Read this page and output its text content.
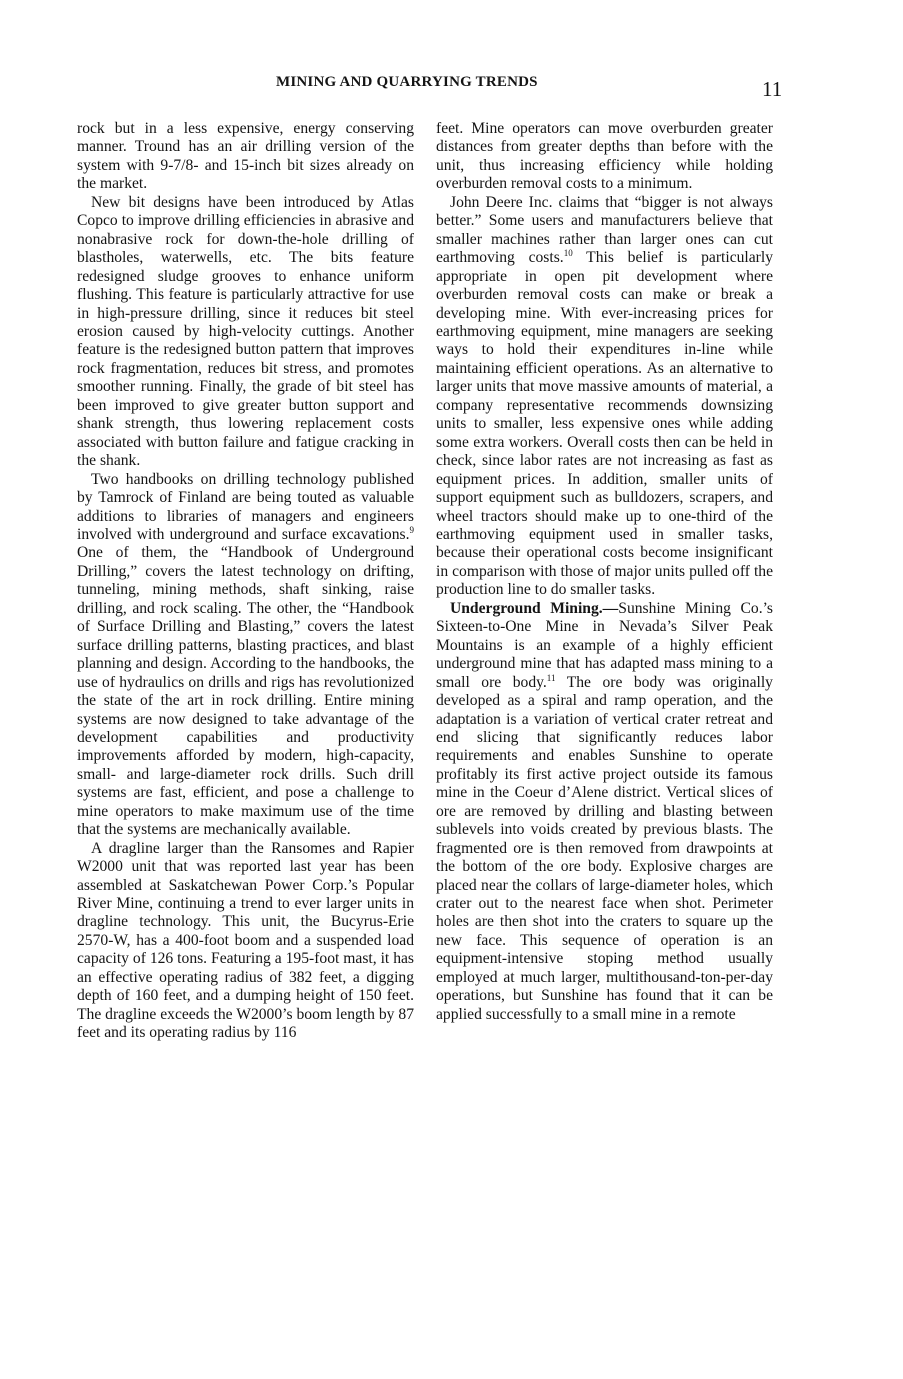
MINING AND QUARRYING TRENDS	11

rock but in a less expensive, energy conserving manner. Tround has an air drilling version of the system with 9-7/8- and 15-inch bit sizes already on the market.

New bit designs have been introduced by Atlas Copco to improve drilling efficiencies in abrasive and nonabrasive rock for down-the-hole drilling of blastholes, waterwells, etc. The bits feature redesigned sludge grooves to enhance uniform flushing. This feature is particularly attractive for use in high-pressure drilling, since it reduces bit steel erosion caused by high-velocity cuttings. Another feature is the redesigned button pattern that improves rock fragmentation, reduces bit stress, and promotes smoother running. Finally, the grade of bit steel has been improved to give greater button support and shank strength, thus lowering replacement costs associated with button failure and fatigue cracking in the shank.

Two handbooks on drilling technology published by Tamrock of Finland are being touted as valuable additions to libraries of managers and engineers involved with underground and surface excavations.$^9$ One of them, the “Handbook of Underground Drilling,” covers the latest technology on drifting, tunneling, mining methods, shaft sinking, raise drilling, and rock scaling. The other, the “Handbook of Surface Drilling and Blasting,” covers the latest surface drilling patterns, blasting practices, and blast planning and design. According to the handbooks, the use of hydraulics on drills and rigs has revolutionized the state of the art in rock drilling. Entire mining systems are now designed to take advantage of the development capabilities and productivity improvements afforded by modern, high-capacity, small- and large-diameter rock drills. Such drill systems are fast, efficient, and pose a challenge to mine operators to make maximum use of the time that the systems are mechanically available.

A dragline larger than the Ransomes and Rapier W2000 unit that was reported last year has been assembled at Saskatchewan Power Corp.’s Popular River Mine, continuing a trend to ever larger units in dragline technology. This unit, the Bucyrus-Erie 2570-W, has a 400-foot boom and a suspended load capacity of 126 tons. Featuring a 195-foot mast, it has an effective operating radius of 382 feet, a digging depth of 160 feet, and a dumping height of 150 feet. The dragline exceeds the W2000’s boom length by 87 feet and its operating radius by 116

feet. Mine operators can move overburden greater distances from greater depths than before with the unit, thus increasing efficiency while holding overburden removal costs to a minimum.

John Deere Inc. claims that “bigger is not always better.” Some users and manufacturers believe that smaller machines rather than larger ones can cut earthmoving costs.$^{10}$ This belief is particularly appropriate in open pit development where overburden removal costs can make or break a developing mine. With ever-increasing prices for earthmoving equipment, mine managers are seeking ways to hold their expenditures in-line while maintaining efficient operations. As an alternative to larger units that move massive amounts of material, a company representative recommends downsizing units to smaller, less expensive ones while adding some extra workers. Overall costs then can be held in check, since labor rates are not increasing as fast as equipment prices. In addition, smaller units of support equipment such as bulldozers, scrapers, and wheel tractors should make up to one-third of the earthmoving equipment used in smaller tasks, because their operational costs become insignificant in comparison with those of major units pulled off the production line to do smaller tasks.

Underground Mining.—Sunshine Mining Co.’s Sixteen-to-One Mine in Nevada’s Silver Peak Mountains is an example of a highly efficient underground mine that has adapted mass mining to a small ore body.$^{11}$ The ore body was originally developed as a spiral and ramp operation, and the adaptation is a variation of vertical crater retreat and end slicing that significantly reduces labor requirements and enables Sunshine to operate profitably its first active project outside its famous mine in the Coeur d’Alene district. Vertical slices of ore are removed by drilling and blasting between sublevels into voids created by previous blasts. The fragmented ore is then removed from drawpoints at the bottom of the ore body. Explosive charges are placed near the collars of large-diameter holes, which crater out to the nearest face when shot. Perimeter holes are then shot into the craters to square up the new face. This sequence of operation is an equipment-intensive stoping method usually employed at much larger, multithousand-ton-per-day operations, but Sunshine has found that it can be applied successfully to a small mine in a remote
